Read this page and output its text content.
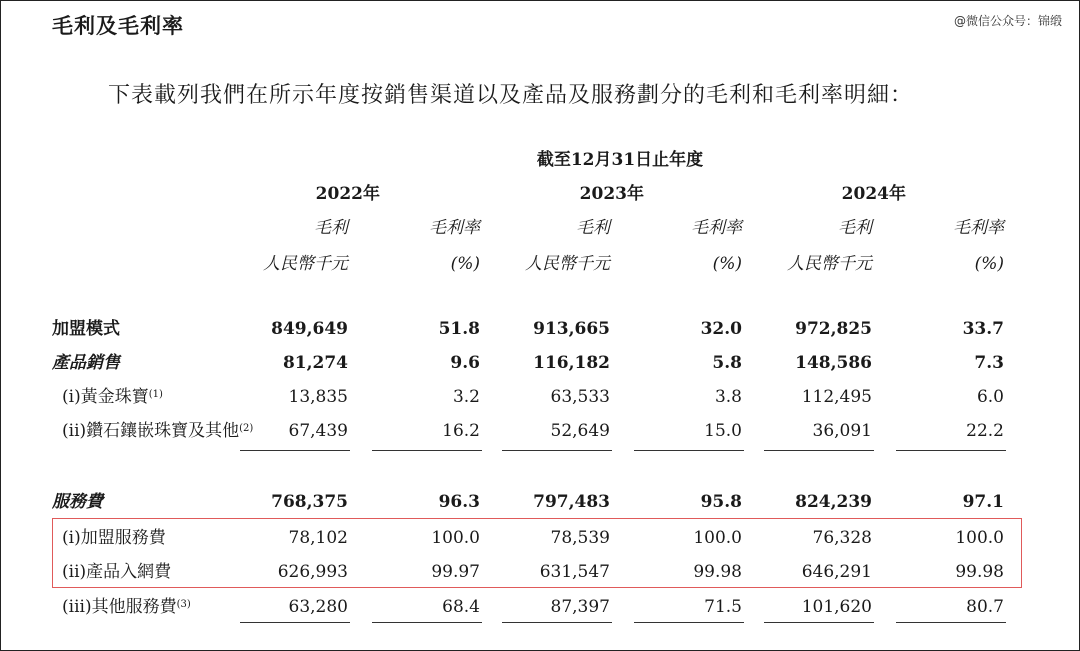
毛利及毛利率	@微信公众号：锦缎
下表載列我們在所示年度按銷售渠道以及產品及服務劃分的毛利和毛利率明細：
截至12月31日止年度
2022年	2023年	2024年
毛利	毛利率	毛利	毛利率	毛利	毛利率
人民幣千元	(%)	人民幣千元	(%)	人民幣千元	(%)
加盟模式	849,649	51.8	913,665	32.0	972,825	33.7
產品銷售	81,274	9.6	116,182	5.8	148,586	7.3
(i)黃金珠寶$^{(1)}$	13,835	3.2	63,533	3.8	112,495	6.0
(ii)鑽石鑲嵌珠寶及其他$^{(2)}$	67,439	16.2	52,649	15.0	36,091	22.2
服務費	768,375	96.3	797,483	95.8	824,239	97.1
(i)加盟服務費	78,102	100.0	78,539	100.0	76,328	100.0
(ii)產品入網費	626,993	99.97	631,547	99.98	646,291	99.98
(iii)其他服務費$^{(3)}$	63,280	68.4	87,397	71.5	101,620	80.7
